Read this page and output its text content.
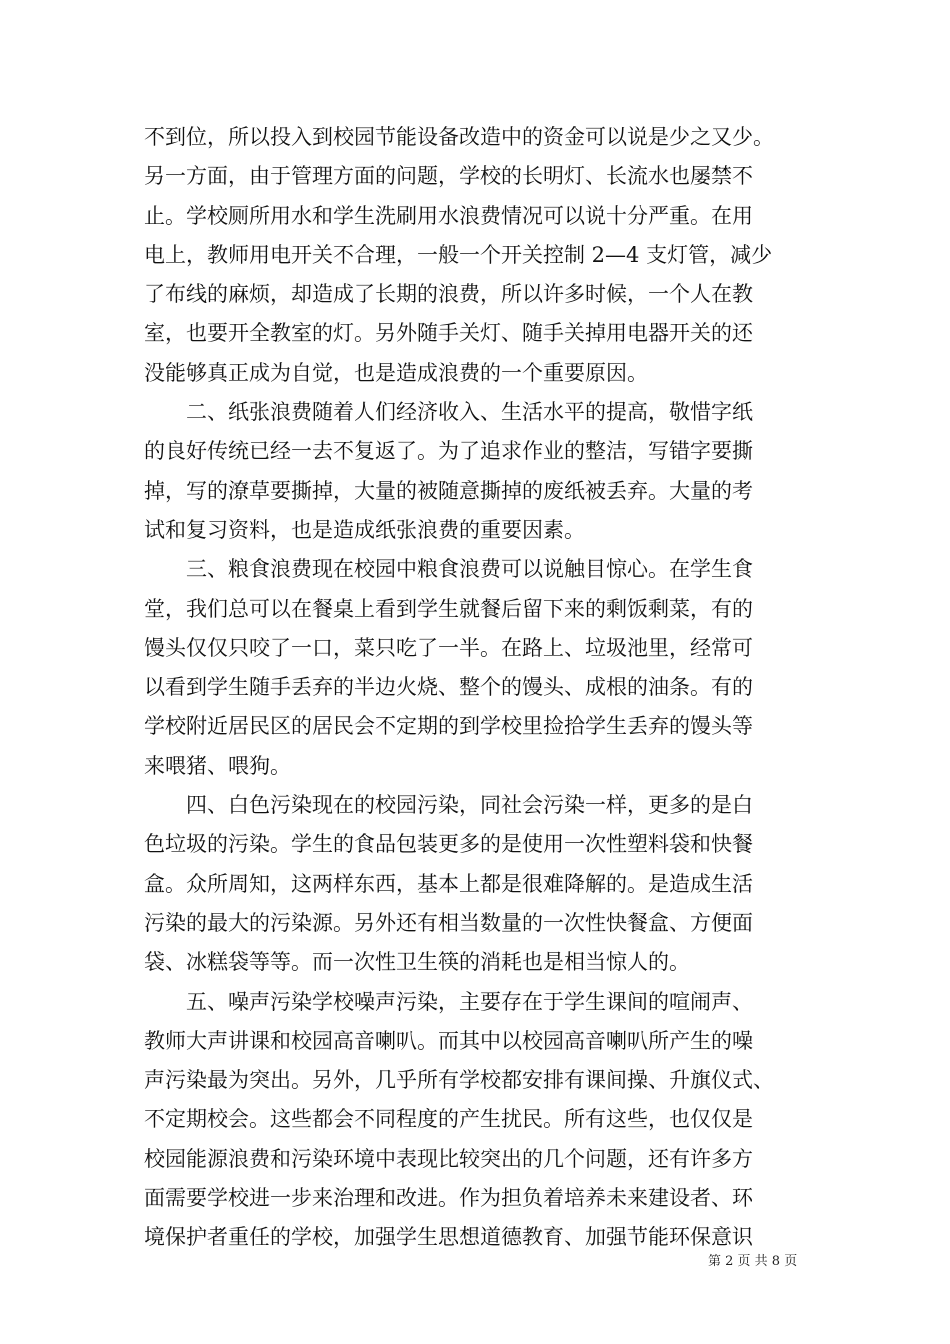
不到位，所以投入到校园节能设备改造中的资金可以说是少之又少。
另一方面，由于管理方面的问题，学校的长明灯、长流水也屡禁不
止。学校厕所用水和学生洗刷用水浪费情况可以说十分严重。在用
电上，教师用电开关不合理，一般一个开关控制 2—4 支灯管，减少
了布线的麻烦，却造成了长期的浪费，所以许多时候，一个人在教
室，也要开全教室的灯。另外随手关灯、随手关掉用电器开关的还
没能够真正成为自觉，也是造成浪费的一个重要原因。
二、纸张浪费随着人们经济收入、生活水平的提高，敬惜字纸
的良好传统已经一去不复返了。为了追求作业的整洁，写错字要撕
掉，写的潦草要撕掉，大量的被随意撕掉的废纸被丢弃。大量的考
试和复习资料，也是造成纸张浪费的重要因素。
三、粮食浪费现在校园中粮食浪费可以说触目惊心。在学生食
堂，我们总可以在餐桌上看到学生就餐后留下来的剩饭剩菜，有的
馒头仅仅只咬了一口，菜只吃了一半。在路上、垃圾池里，经常可
以看到学生随手丢弃的半边火烧、整个的馒头、成根的油条。有的
学校附近居民区的居民会不定期的到学校里捡拾学生丢弃的馒头等
来喂猪、喂狗。
四、白色污染现在的校园污染，同社会污染一样，更多的是白
色垃圾的污染。学生的食品包装更多的是使用一次性塑料袋和快餐
盒。众所周知，这两样东西，基本上都是很难降解的。是造成生活
污染的最大的污染源。另外还有相当数量的一次性快餐盒、方便面
袋、冰糕袋等等。而一次性卫生筷的消耗也是相当惊人的。
五、噪声污染学校噪声污染，主要存在于学生课间的喧闹声、
教师大声讲课和校园高音喇叭。而其中以校园高音喇叭所产生的噪
声污染最为突出。另外，几乎所有学校都安排有课间操、升旗仪式、
不定期校会。这些都会不同程度的产生扰民。所有这些，也仅仅是
校园能源浪费和污染环境中表现比较突出的几个问题，还有许多方
面需要学校进一步来治理和改进。作为担负着培养未来建设者、环
境保护者重任的学校，加强学生思想道德教育、加强节能环保意识
第 2 页 共 8 页
